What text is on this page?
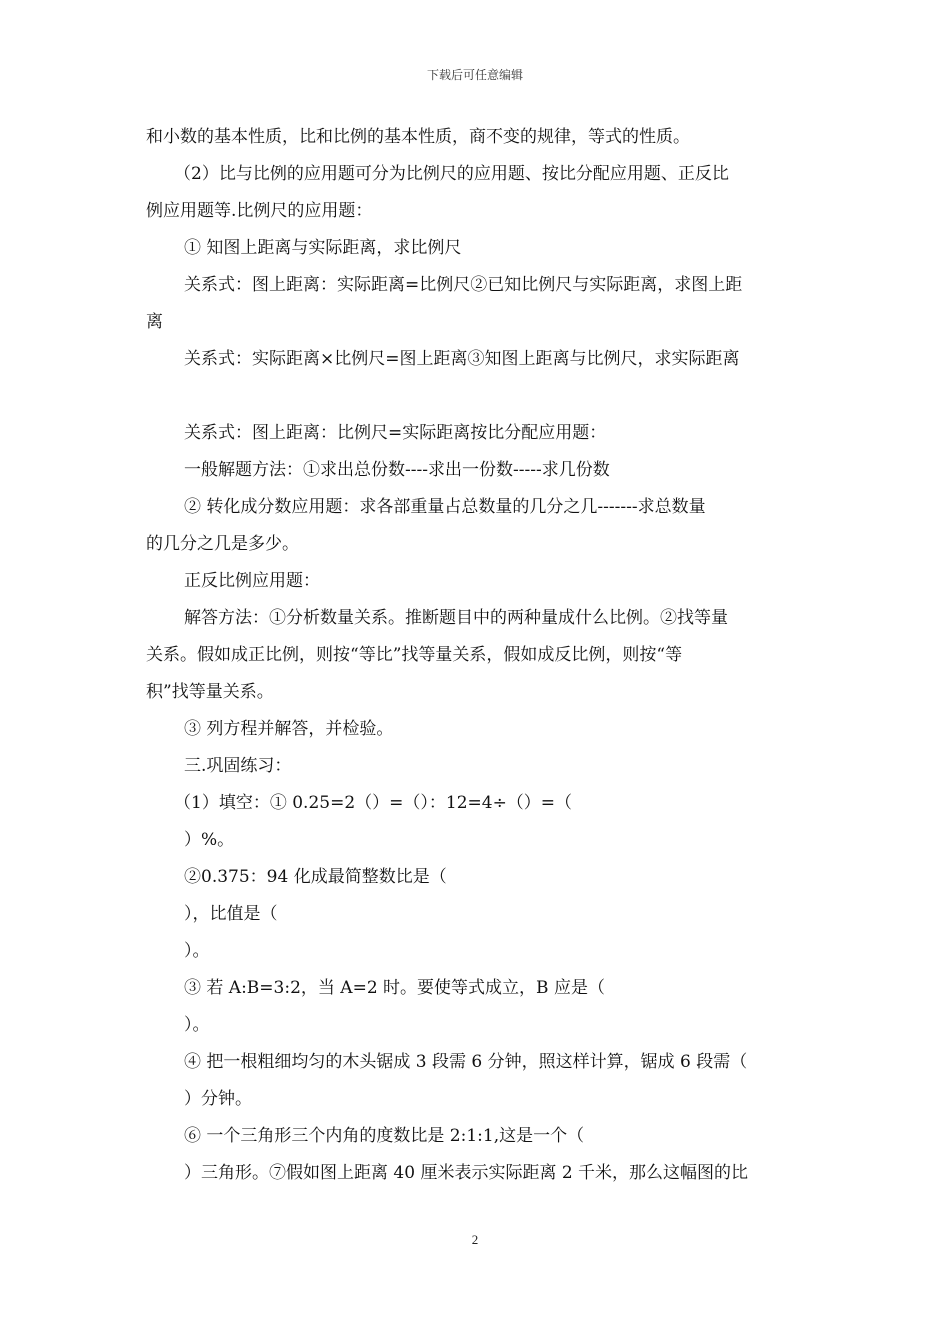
下载后可任意编辑
和小数的基本性质，比和比例的基本性质，商不变的规律，等式的性质。
（2）比与比例的应用题可分为比例尺的应用题、按比分配应用题、正反比
例应用题等.比例尺的应用题：
① 知图上距离与实际距离，求比例尺
关系式：图上距离：实际距离=比例尺②已知比例尺与实际距离，求图上距
离
关系式：实际距离×比例尺=图上距离③知图上距离与比例尺，求实际距离
关系式：图上距离：比例尺=实际距离按比分配应用题：
一般解题方法：①求出总份数----求出一份数-----求几份数
② 转化成分数应用题：求各部重量占总数量的几分之几-------求总数量
的几分之几是多少。
正反比例应用题：
解答方法：①分析数量关系。推断题目中的两种量成什么比例。②找等量
关系。假如成正比例，则按“等比”找等量关系，假如成反比例，则按“等
积”找等量关系。
③ 列方程并解答，并检验。
三.巩固练习：
（1）填空：① 0.25=2（）=（）：12=4÷（）=（
）%。
②0.375：94 化成最简整数比是（
），比值是（
）。
③ 若 A:B=3:2，当 A=2 时。要使等式成立，B 应是（
）。
④ 把一根粗细均匀的木头锯成 3 段需 6 分钟，照这样计算，锯成 6 段需（
）分钟。
⑥ 一个三角形三个内角的度数比是 2:1:1,这是一个（
）三角形。⑦假如图上距离 40 厘米表示实际距离 2 千米，那么这幅图的比
2
